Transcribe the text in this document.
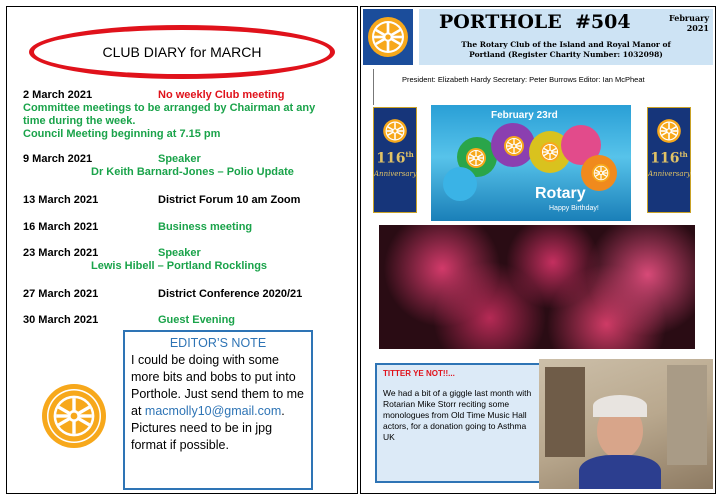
CLUB DIARY for MARCH
2 March 2021	No weekly Club meeting
Committee meetings to be arranged by Chairman at any
time during the week.
Council Meeting beginning at 7.15 pm
9 March 2021	Speaker
Dr Keith Barnard-Jones – Polio Update
13 March 2021	District Forum 10 am Zoom
16 March 2021	Business meeting
23 March 2021	Speaker
Lewis Hibell – Portland Rocklings
27 March 2021	District Conference 2020/21
30 March 2021	Guest Evening
EDITOR’S NOTE
I could be doing with some more bits and bobs to put into Porthole. Just send them to me at macmolly10@gmail.com. Pictures need to be in jpg format if possible.
PORTHOLE  #504	February
2021
The Rotary Club of the Island and Royal Manor of
Portland (Register Charity Number: 1032098)
President: Elizabeth Hardy Secretary: Peter Burrows Editor: Ian McPheat
116th
Anniversary
February 23rd
Rotary
Happy Birthday!
116th
Anniversary
TITTER YE NOT!!...
We had a bit of a giggle last month with Rotarian Mike Storr reciting some monologues from Old Time Music Hall actors, for a donation going to Asthma UK
